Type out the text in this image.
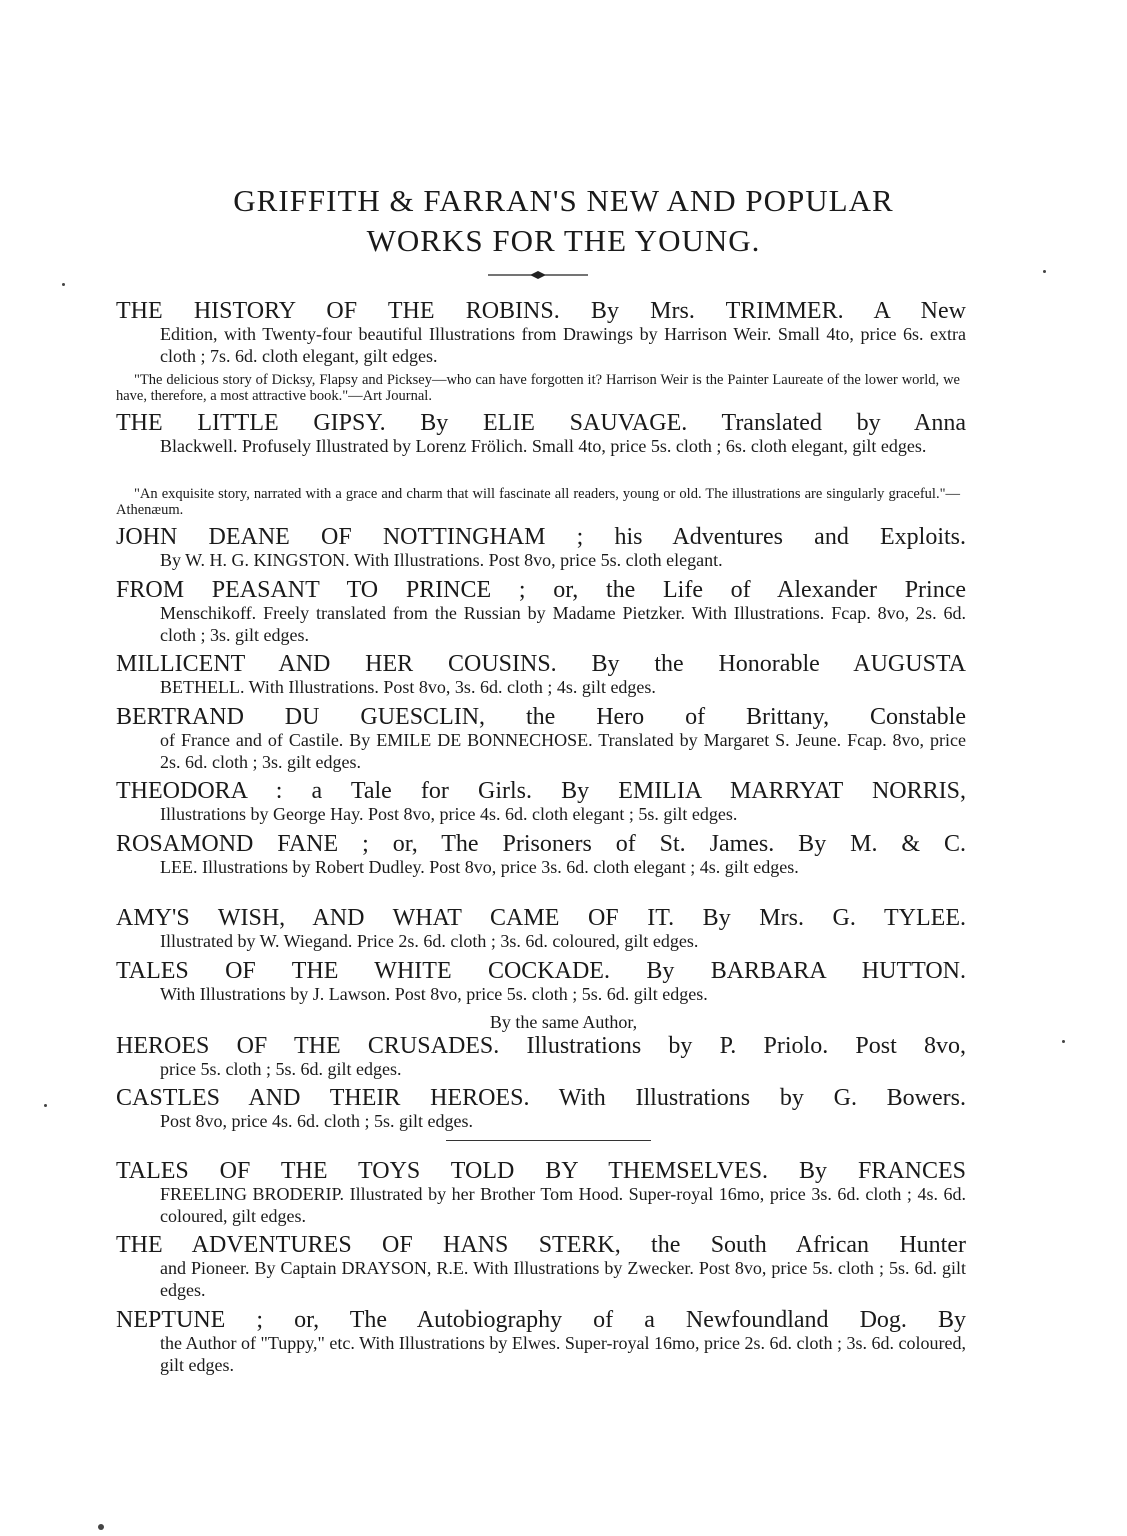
GRIFFITH & FARRAN'S NEW AND POPULAR
WORKS FOR THE YOUNG.
THE HISTORY OF THE ROBINS. By Mrs. TRIMMER. A New
Edition, with Twenty-four beautiful Illustrations from Drawings by Harrison Weir. Small 4to, price 6s. extra cloth ; 7s. 6d. cloth elegant, gilt edges.
"The delicious story of Dicksy, Flapsy and Picksey—who can have forgotten it? Harrison Weir is the Painter Laureate of the lower world, we have, therefore, a most attractive book."—Art Journal.
THE LITTLE GIPSY. By ELIE SAUVAGE. Translated by Anna
Blackwell. Profusely Illustrated by Lorenz Frölich. Small 4to, price 5s. cloth ; 6s. cloth elegant, gilt edges.
"An exquisite story, narrated with a grace and charm that will fascinate all readers, young or old. The illustrations are singularly graceful."—Athenæum.
JOHN DEANE OF NOTTINGHAM ; his Adventures and Exploits.
By W. H. G. KINGSTON. With Illustrations. Post 8vo, price 5s. cloth elegant.
FROM PEASANT TO PRINCE ; or, the Life of Alexander Prince
Menschikoff. Freely translated from the Russian by Madame Pietzker. With Illustrations. Fcap. 8vo, 2s. 6d. cloth ; 3s. gilt edges.
MILLICENT AND HER COUSINS. By the Honorable AUGUSTA
BETHELL. With Illustrations. Post 8vo, 3s. 6d. cloth ; 4s. gilt edges.
BERTRAND DU GUESCLIN, the Hero of Brittany, Constable
of France and of Castile. By EMILE DE BONNECHOSE. Translated by Margaret S. Jeune. Fcap. 8vo, price 2s. 6d. cloth ; 3s. gilt edges.
THEODORA : a Tale for Girls. By EMILIA MARRYAT NORRIS,
Illustrations by George Hay. Post 8vo, price 4s. 6d. cloth elegant ; 5s. gilt edges.
ROSAMOND FANE ; or, The Prisoners of St. James. By M. & C.
LEE. Illustrations by Robert Dudley. Post 8vo, price 3s. 6d. cloth elegant ; 4s. gilt edges.
AMY'S WISH, AND WHAT CAME OF IT. By Mrs. G. TYLEE.
Illustrated by W. Wiegand. Price 2s. 6d. cloth ; 3s. 6d. coloured, gilt edges.
TALES OF THE WHITE COCKADE. By BARBARA HUTTON.
With Illustrations by J. Lawson. Post 8vo, price 5s. cloth ; 5s. 6d. gilt edges.
By the same Author,
HEROES OF THE CRUSADES. Illustrations by P. Priolo. Post 8vo,
price 5s. cloth ; 5s. 6d. gilt edges.
CASTLES AND THEIR HEROES. With Illustrations by G. Bowers.
Post 8vo, price 4s. 6d. cloth ; 5s. gilt edges.
TALES OF THE TOYS TOLD BY THEMSELVES. By FRANCES
FREELING BRODERIP. Illustrated by her Brother Tom Hood. Super-royal 16mo, price 3s. 6d. cloth ; 4s. 6d. coloured, gilt edges.
THE ADVENTURES OF HANS STERK, the South African Hunter
and Pioneer. By Captain DRAYSON, R.E. With Illustrations by Zwecker. Post 8vo, price 5s. cloth ; 5s. 6d. gilt edges.
NEPTUNE ; or, The Autobiography of a Newfoundland Dog. By
the Author of "Tuppy," etc. With Illustrations by Elwes. Super-royal 16mo, price 2s. 6d. cloth ; 3s. 6d. coloured, gilt edges.
